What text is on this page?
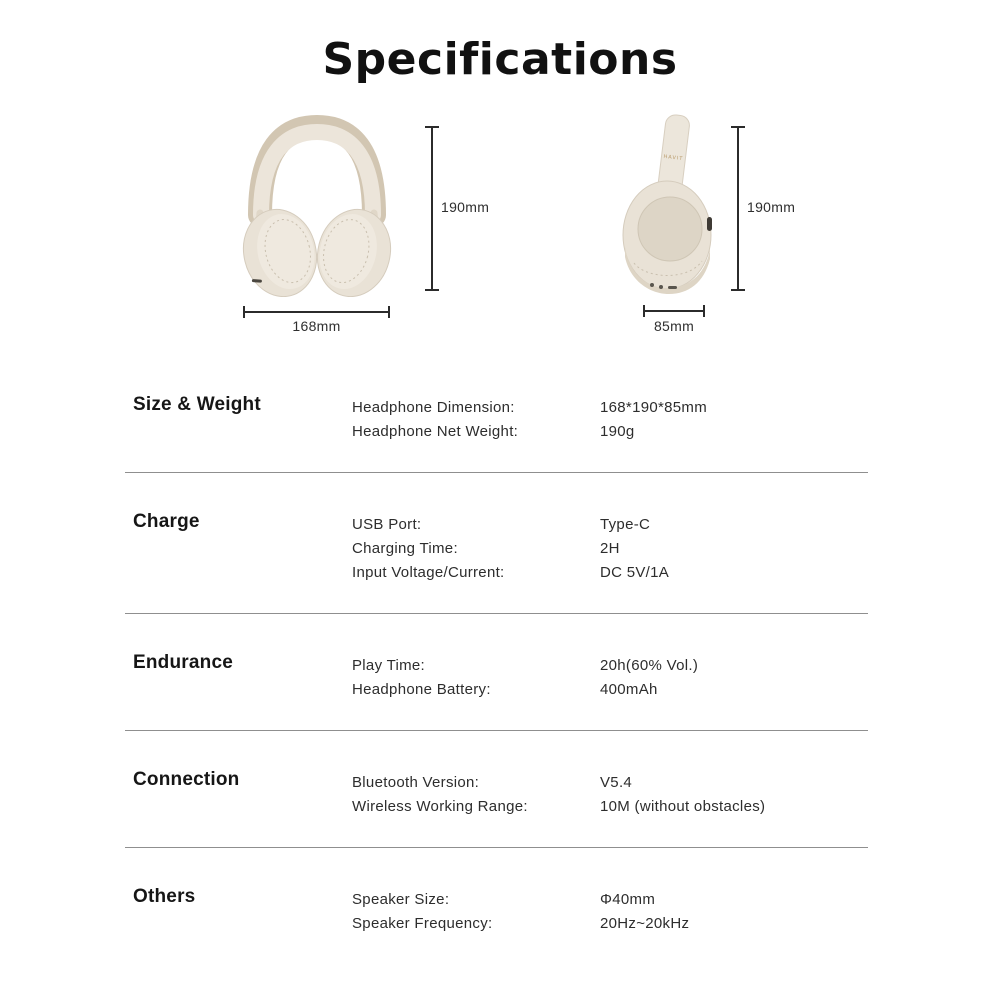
Specifications
HAVIT
190mm
168mm
190mm
85mm
Size & Weight	Headphone Dimension:	168*190*85mm
Headphone Net Weight:	190g
Charge	USB Port:	Type-C
Charging Time:	2H
Input Voltage/Current:	DC 5V/1A
Endurance	Play Time:	20h(60% Vol.)
Headphone Battery:	400mAh
Connection	Bluetooth Version:	V5.4
Wireless Working Range:	10M (without obstacles)
Others	Speaker Size:	Φ40mm
Speaker Frequency:	20Hz~20kHz
